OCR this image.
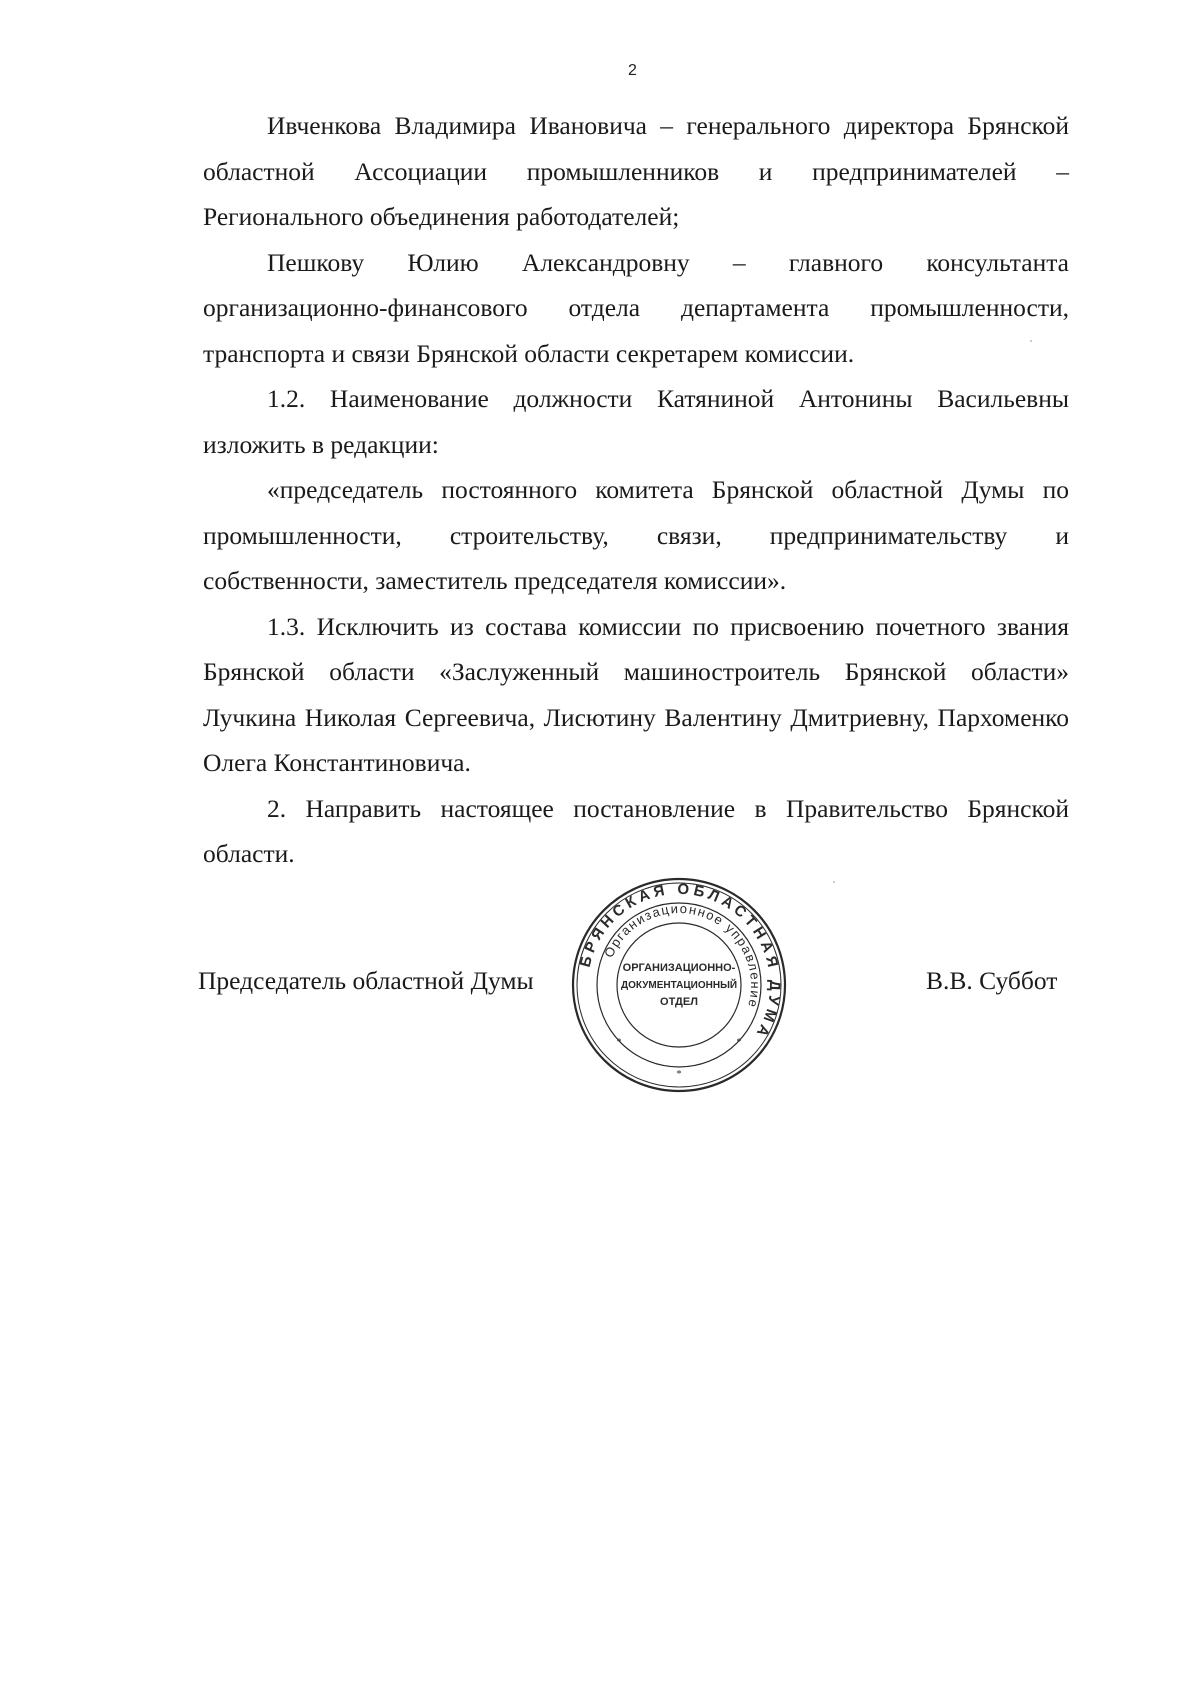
2

Ивченкова Владимира Ивановича – генерального директора Брянской областной Ассоциации промышленников и предпринимателей – Регионального объединения работодателей;

Пешкову Юлию Александровну – главного консультанта организационно-финансового отдела департамента промышленности, транспорта и связи Брянской области секретарем комиссии.

1.2. Наименование должности Катяниной Антонины Васильевны изложить в редакции:

«председатель постоянного комитета Брянской областной Думы по промышленности, строительству, связи, предпринимательству и собственности, заместитель председателя комиссии».

1.3. Исключить из состава комиссии по присвоению почетного звания Брянской области «Заслуженный машиностроитель Брянской области» Лучкина Николая Сергеевича, Лисютину Валентину Дмитриевну, Пархоменко Олега Константиновича.

2. Направить настоящее постановление в Правительство Брянской области.

Председатель областной Думы	В.В. Суббот
БРЯНСКАЯ ОБЛАСТНАЯ ДУМА
Организационное управление
ОРГАНИЗАЦИОННО-
ДОКУМЕНТАЦИОННЫЙ
ОТДЕЛ
*
*	*
